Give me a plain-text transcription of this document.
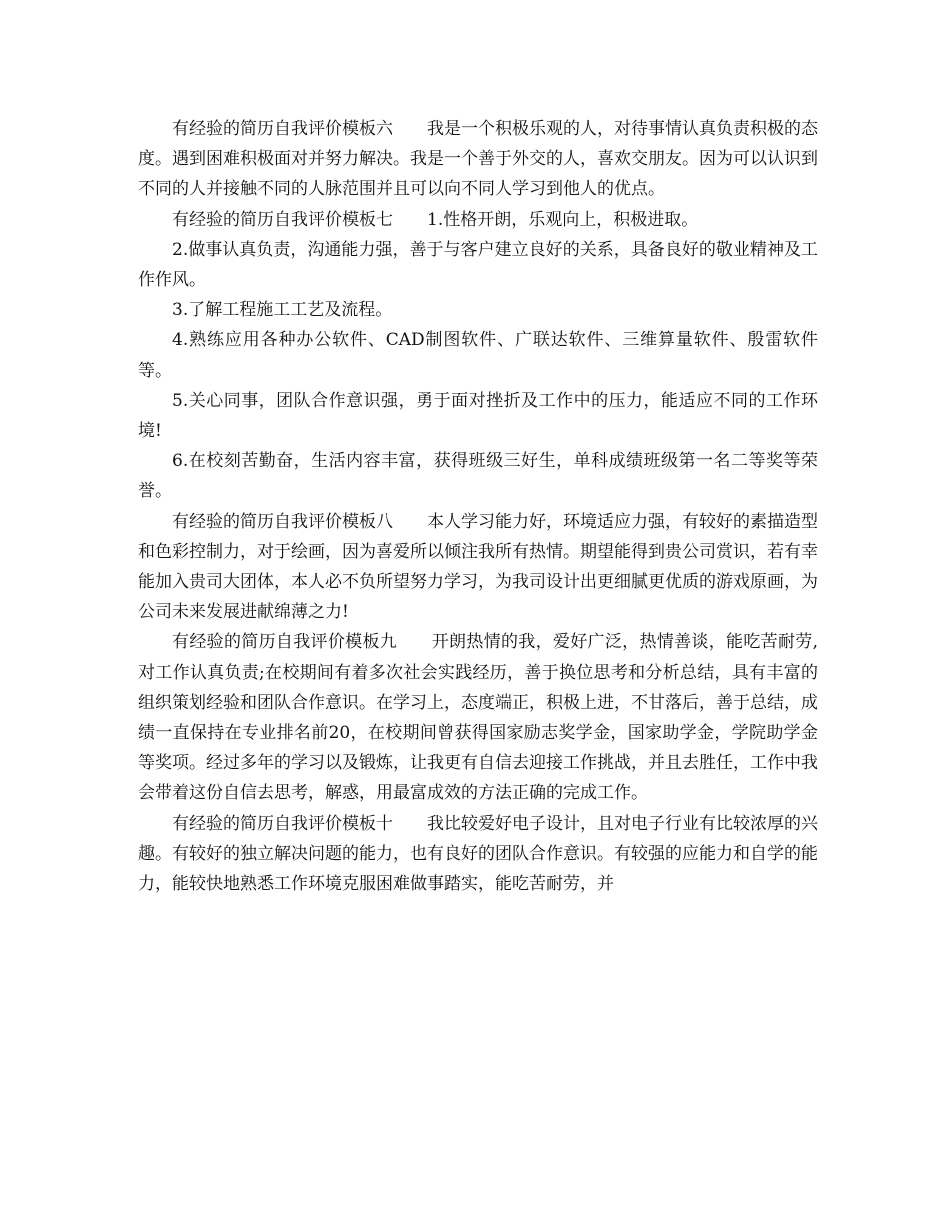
有经验的简历自我评价模板六　　我是一个积极乐观的人，对待事情认真负责积极的态度。遇到困难积极面对并努力解决。我是一个善于外交的人，喜欢交朋友。因为可以认识到不同的人并接触不同的人脉范围并且可以向不同人学习到他人的优点。

有经验的简历自我评价模板七　　1.性格开朗，乐观向上，积极进取。

2.做事认真负责，沟通能力强，善于与客户建立良好的关系，具备良好的敬业精神及工作作风。

3.了解工程施工工艺及流程。

4.熟练应用各种办公软件、CAD制图软件、广联达软件、三维算量软件、殷雷软件等。

5.关心同事，团队合作意识强，勇于面对挫折及工作中的压力，能适应不同的工作环境!

6.在校刻苦勤奋，生活内容丰富，获得班级三好生，单科成绩班级第一名二等奖等荣誉。

有经验的简历自我评价模板八　　本人学习能力好，环境适应力强，有较好的素描造型和色彩控制力，对于绘画，因为喜爱所以倾注我所有热情。期望能得到贵公司赏识，若有幸能加入贵司大团体，本人必不负所望努力学习，为我司设计出更细腻更优质的游戏原画，为公司未来发展进献绵薄之力!

有经验的简历自我评价模板九　　开朗热情的我，爱好广泛，热情善谈，能吃苦耐劳,对工作认真负责;在校期间有着多次社会实践经历，善于换位思考和分析总结，具有丰富的组织策划经验和团队合作意识。在学习上，态度端正，积极上进，不甘落后，善于总结，成绩一直保持在专业排名前20，在校期间曾获得国家励志奖学金，国家助学金，学院助学金等奖项。经过多年的学习以及锻炼，让我更有自信去迎接工作挑战，并且去胜任，工作中我会带着这份自信去思考，解惑，用最富成效的方法正确的完成工作。

有经验的简历自我评价模板十　　我比较爱好电子设计，且对电子行业有比较浓厚的兴趣。有较好的独立解决问题的能力，也有良好的团队合作意识。有较强的应能力和自学的能力，能较快地熟悉工作环境克服困难做事踏实，能吃苦耐劳，并
